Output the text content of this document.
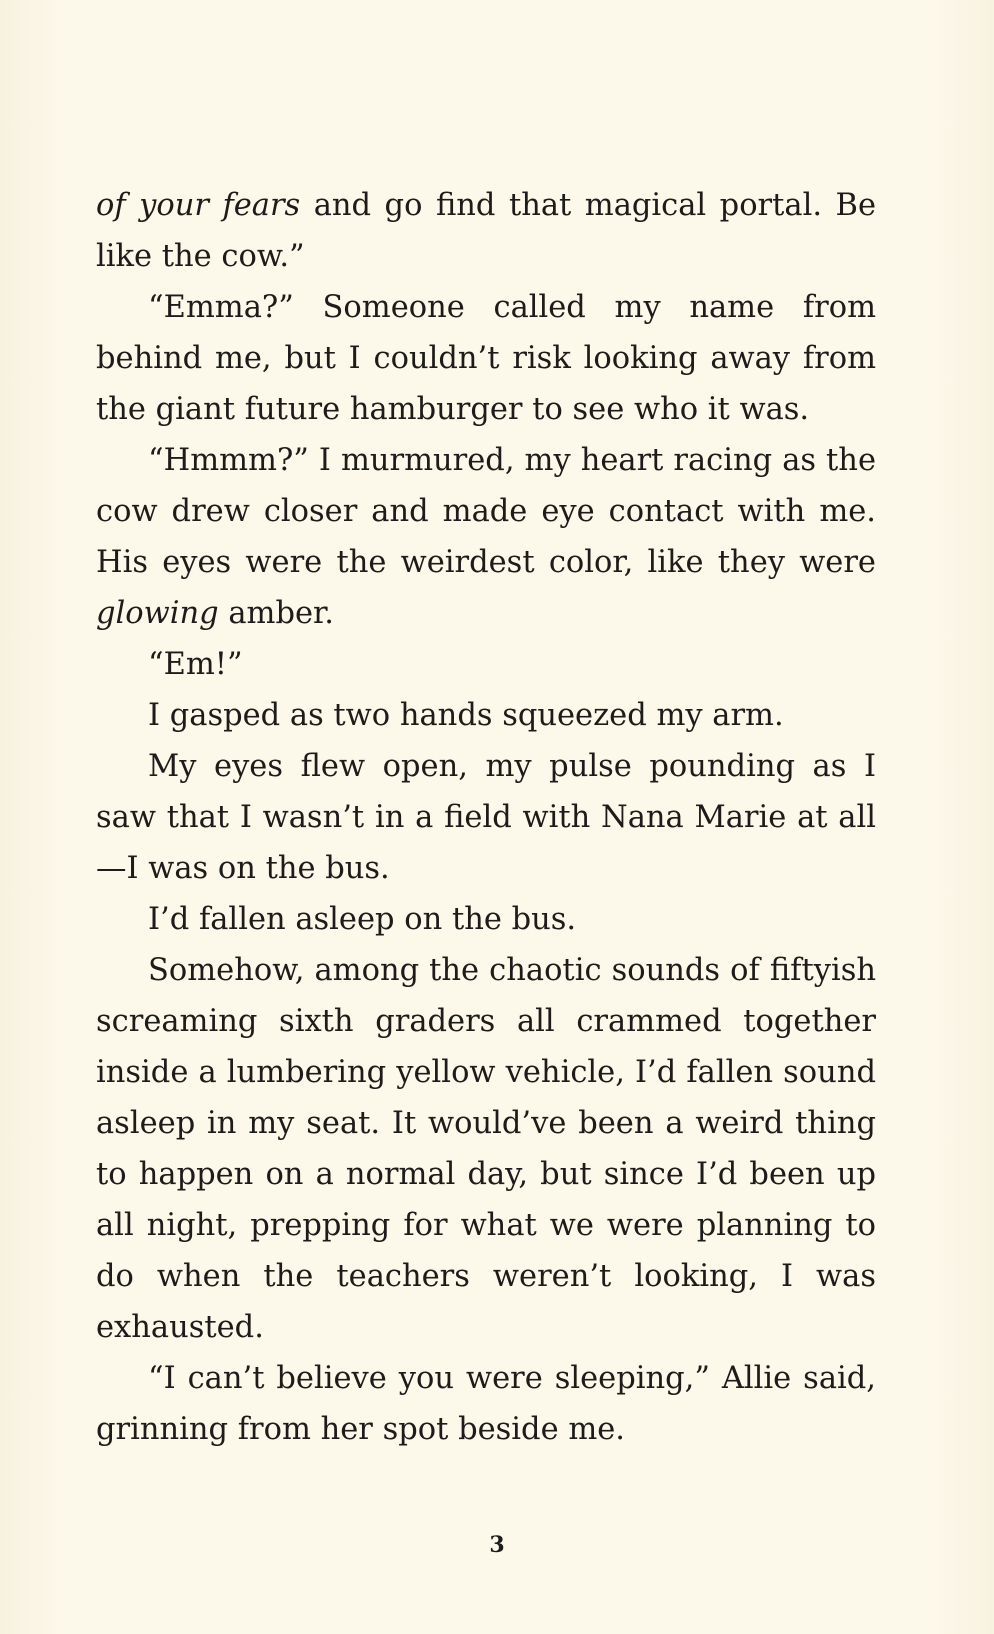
of your fears and go find that magical portal. Be like the cow.”

“Emma?” Someone called my name from behind me, but I couldn’t risk looking away from the giant future hamburger to see who it was.

“Hmmm?” I murmured, my heart racing as the cow drew closer and made eye contact with me. His eyes were the weirdest color, like they were glowing amber.

“Em!”

I gasped as two hands squeezed my arm.

My eyes flew open, my pulse pounding as I saw that I wasn’t in a field with Nana Marie at all—I was on the bus.

I’d fallen asleep on the bus.

Somehow, among the chaotic sounds of fiftyish screaming sixth graders all crammed together inside a lumbering yellow vehicle, I’d fallen sound asleep in my seat. It would’ve been a weird thing to happen on a normal day, but since I’d been up all night, prepping for what we were planning to do when the teachers weren’t looking, I was exhausted.

“I can’t believe you were sleeping,” Allie said, grinning from her spot beside me.

3
